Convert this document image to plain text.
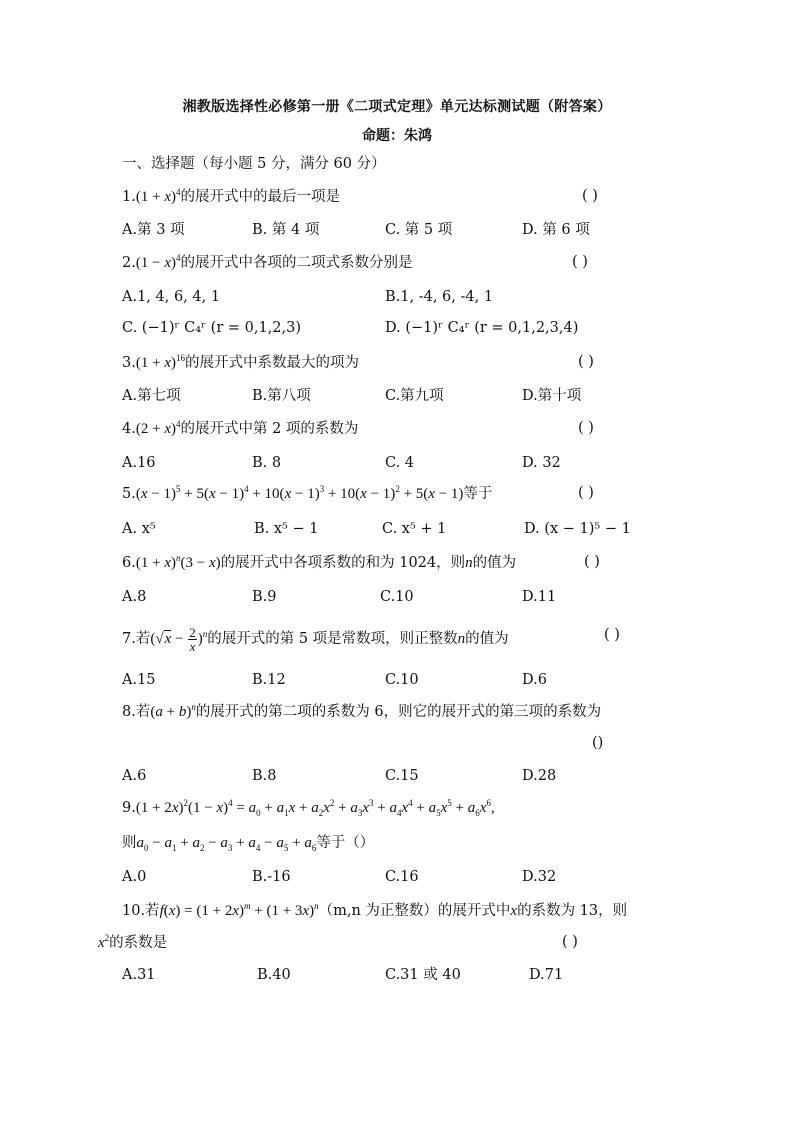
湘教版选择性必修第一册《二项式定理》单元达标测试题（附答案）
命题：朱鸿
一、选择题（每小题 5 分，满分 60 分）
$1.(1 + x)^4$的展开式中的最后一项是	( )
A.第 3 项	B. 第 4 项	C. 第 5 项	D. 第 6 项
$2.(1 - x)^4$的展开式中各项的二项式系数分别是	( )
A.1, 4, 6, 4, 1	B.1, -4, 6, -4, 1
C. (−1)ʳ C₄ʳ (r = 0,1,2,3)	D. (−1)ʳ C₄ʳ (r = 0,1,2,3,4)
$3.(1 + x)^{16}$的展开式中系数最大的项为	( )
A.第七项	B.第八项	C.第九项	D.第十项
$4.(2 + x)^4$的展开式中第 2 项的系数为	( )
A.16	B. 8	C. 4	D. 32
$5.(x - 1)^5 + 5(x - 1)^4 + 10(x - 1)^3 + 10(x - 1)^2 + 5(x - 1)$等于	( )
A. x⁵	B. x⁵ − 1	C. x⁵ + 1	D. (x − 1)⁵ − 1
$6.(1 + x)^n(3 - x)$的展开式中各项系数的和为 1024，则n的值为	( )
A.8	B.9	C.10	D.11
7.若$(√x - \frac{2}{x} )^n$的展开式的第 5 项是常数项，则正整数n的值为	( )
A.15	B.12	C.10	D.6
8.若$(a + b)^n$的展开式的第二项的系数为 6，则它的展开式的第三项的系数为
()
A.6	B.8	C.15	D.28
$9.(1 + 2x)^2(1 - x)^4 = a_0 + a_1x + a_2x^2 + a_3x^3 + a_4x^4 + a_5x^5 + a_6x^6$,
则$a_0 - a_1 + a_2 - a_3 + a_4 - a_5 + a_6$等于（）
A.0	B.-16	C.16	D.32
10.若$f(x) = (1 + 2x)^m + (1 + 3x)^n(m,n$ 为正整数）的展开式中x的系数为 13，则
$x^2$的系数是	( )
A.31	B.40	C.31 或 40	D.71
